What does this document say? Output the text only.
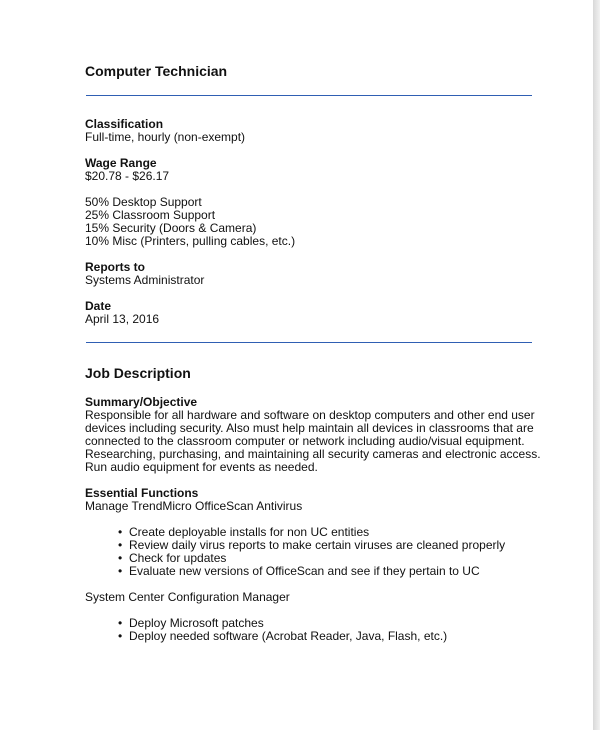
Computer Technician
Classification
Full-time, hourly (non-exempt)
Wage Range
$20.78 - $26.17
50% Desktop Support
25% Classroom Support
15% Security (Doors & Camera)
10% Misc (Printers, pulling cables, etc.)
Reports to
Systems Administrator
Date
April 13, 2016
Job Description
Summary/Objective
Responsible for all hardware and software on desktop computers and other end user
devices including security. Also must help maintain all devices in classrooms that are
connected to the classroom computer or network including audio/visual equipment.
Researching, purchasing, and maintaining all security cameras and electronic access.
Run audio equipment for events as needed.
Essential Functions
Manage TrendMicro OfficeScan Antivirus
• Create deployable installs for non UC entities
• Review daily virus reports to make certain viruses are cleaned properly
• Check for updates
• Evaluate new versions of OfficeScan and see if they pertain to UC
System Center Configuration Manager
• Deploy Microsoft patches
• Deploy needed software (Acrobat Reader, Java, Flash, etc.)
